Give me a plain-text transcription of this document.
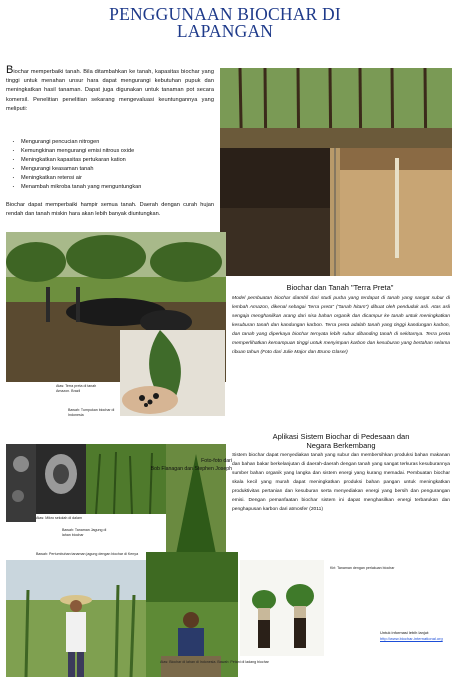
PENGGUNAAN BIOCHAR DI
LAPANGAN
Biochar memperbaiki tanah. Bila ditambahkan ke tanah, kapasitas biochar yang tinggi untuk menahan unsur hara dapat mengurangi kebutuhan pupuk dan meningkatkan hasil tanaman. Dapat juga digunakan untuk tanaman pot secara komersil. Penelitian penelitian sekarang mengevaluasi keuntungannya yang meliputi:
· Mengurangi pencucian nitrogen
· Kemungkinan mengurangi emisi nitrous oxide
· Meningkatkan kapasitas pertukaran kation
· Mengurangi keasaman tanah
· Meningkatkan retensi air
· Menambah mikroba tanah yang menguntungkan
Biochar dapat memperbaiki hampir semua tanah. Daerah dengan curah hujan rendah dan tanah miskin hara akan lebih banyak diuntungkan.
Atas: Terra preta di tanah Amazon. Brazil
Bawah: Tumpukan biochar di Indonesia
Biochar dan Tanah "Terra Preta"
Model pembuatan biochar diambil dari studi purba yang terdapat di tanah yang sangat subur di lembah Amazon, dikenal sebagai "terra preta" ("tanah hitam") dibuat oleh penduduk asli. Atas asli sengaja menghasilkan arang dari sisa bahan organik dan dicampur ke tanah untuk meningkatkan kesuburan tanah dan kandungan karbon. Terra preta adalah tanah yang tinggi kandungan karbon, dan tanah yang diperkaya biochar ternyata lebih subur dibanding tanah di sekitarnya. Terra preta memperlihatkan kemampuan tinggi untuk menyimpan karbon dan kesuburan yang bertahan selama ribuan tahun (Foto dari Julie Major dan Bruno Glaser)
Aplikasi Sistem Biochar di Pedesaan dan
Negara Berkembang
Sistem biochar dapat menyediakan tanah yang subur dan membersihkan produksi bahan makanan dan bahan bakar berkelanjutan di daerah-daerah dengan tanah yang sangat terkuras kesuburannya sumber bahan organik yang langka dan sistem energi yang kurang memadai. Pembuatan biochar skala kecil yang murah dapat meningkatkan produksi bahan pangan untuk meningkatkan produktivitas pertanian dan kesuburan serta menyediakan energi yang bersih dan pengurangan emisi. Dengan pemanfaatan biochar sistem ini dapat menghasilkan energi terbarukan dan penghapusan karbon dari atmosfer (2011)
Foto-foto dari
Bob Flanagan dan Stephen Joseph
Atas: Mikro sekolah di dalam
Bawah: Tanaman Jagung di lahan biochar
Bawah: Pertumbuhan tanaman jagung dengan biochar di Kenya
Atas: Biochar di lahan di Indonesia. Bawah: Petani di ladang biochar
Kiri: Tanaman dengan perlakuan biochar
Untuk informasi lebih lanjut:
http://www.biochar-international.org
